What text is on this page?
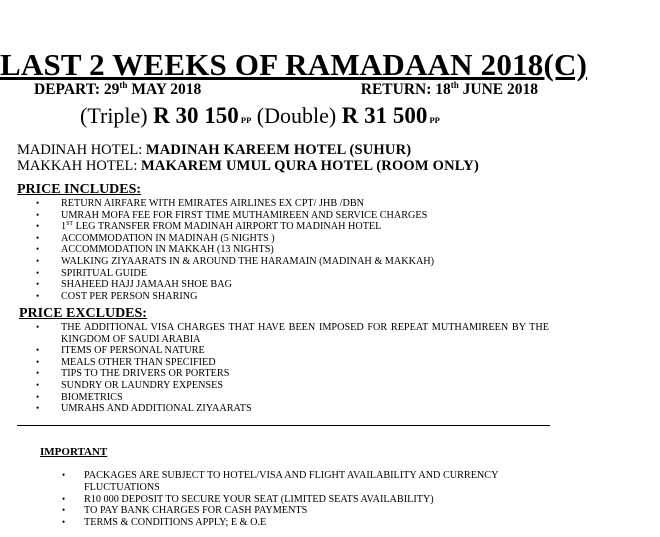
LAST 2 WEEKS OF RAMADAAN 2018(C)
DEPART: 29th MAY 2018	RETURN: 18th JUNE 2018
(Triple) R 30 150 PP (Double) R 31 500 PP
MADINAH HOTEL: MADINAH KAREEM HOTEL (SUHUR)
MAKKAH HOTEL: MAKAREM UMUL QURA HOTEL (ROOM ONLY)
PRICE INCLUDES:
• RETURN AIRFARE WITH EMIRATES AIRLINES EX CPT/ JHB /DBN
• UMRAH MOFA FEE FOR FIRST TIME MUTHAMIREEN AND SERVICE CHARGES
• 1ST LEG TRANSFER FROM MADINAH AIRPORT TO MADINAH HOTEL
• ACCOMMODATION IN MADINAH (5 NIGHTS )
• ACCOMMODATION IN MAKKAH (13 NIGHTS)
• WALKING ZIYAARATS IN & AROUND THE HARAMAIN (MADINAH & MAKKAH)
• SPIRITUAL GUIDE
• SHAHEED HAJJ JAMAAH SHOE BAG
• COST PER PERSON SHARING
PRICE EXCLUDES:
• THE ADDITIONAL VISA CHARGES THAT HAVE BEEN IMPOSED FOR REPEAT MUTHAMIREEN BY THE KINGDOM OF SAUDI ARABIA
• ITEMS OF PERSONAL NATURE
• MEALS OTHER THAN SPECIFIED
• TIPS TO THE DRIVERS OR PORTERS
• SUNDRY OR LAUNDRY EXPENSES
• BIOMETRICS
• UMRAHS AND ADDITIONAL ZIYAARATS
IMPORTANT
• PACKAGES ARE SUBJECT TO HOTEL/VISA AND FLIGHT AVAILABILITY AND CURRENCY FLUCTUATIONS
• R10 000 DEPOSIT TO SECURE YOUR SEAT (LIMITED SEATS AVAILABILITY)
• TO PAY BANK CHARGES FOR CASH PAYMENTS
• TERMS & CONDITIONS APPLY; E & O.E
